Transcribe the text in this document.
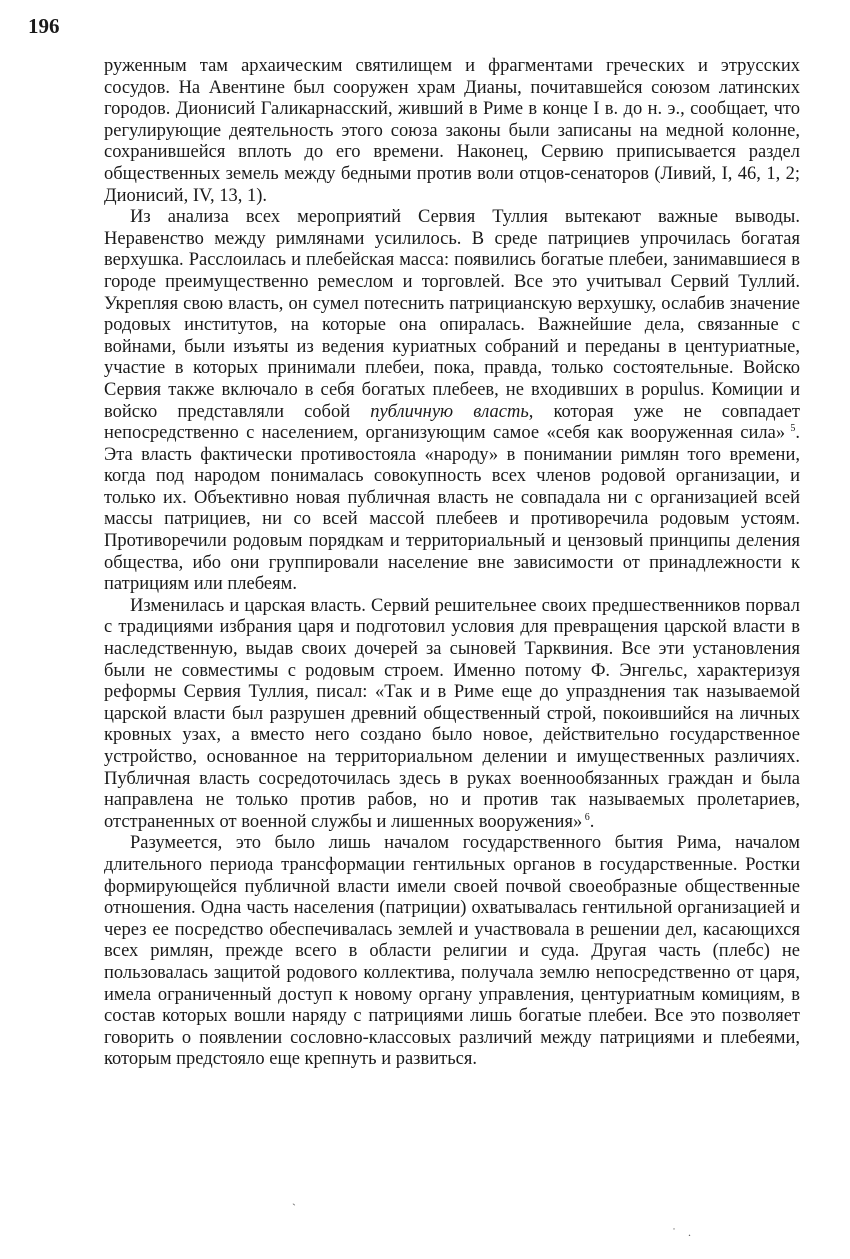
196

руженным там архаическим святилищем и фрагментами греческих и этрусских сосудов. На Авентине был сооружен храм Дианы, почитавшейся союзом латинских городов. Дионисий Галикарнасский, живший в Риме в конце I в. до н. э., сообщает, что регулирующие деятельность этого союза законы были записаны на медной колонне, сохранившейся вплоть до его времени. Наконец, Сервию приписывается раздел общественных земель между бедными против воли отцов-сенаторов (Ливий, I, 46, 1, 2; Дионисий, IV, 13, 1).

Из анализа всех мероприятий Сервия Туллия вытекают важные выводы. Неравенство между римлянами усилилось. В среде патрициев упрочилась богатая верхушка. Расслоилась и плебейская масса: появились богатые плебеи, занимавшиеся в городе преимущественно ремеслом и торговлей. Все это учитывал Сервий Туллий. Укрепляя свою власть, он сумел потеснить патрицианскую верхушку, ослабив значение родовых институтов, на которые она опиралась. Важнейшие дела, связанные с войнами, были изъяты из ведения куриатных собраний и переданы в центуриатные, участие в которых принимали плебеи, пока, правда, только состоятельные. Войско Сервия также включало в себя богатых плебеев, не входивших в populus. Комиции и войско представляли собой публичную власть, которая уже не совпадает непосредственно с населением, организующим самое «себя как вооруженная сила» $^5$. Эта власть фактически противостояла «народу» в понимании римлян того времени, когда под народом понималась совокупность всех членов родовой организации, и только их. Объективно новая публичная власть не совпадала ни с организацией всей массы патрициев, ни со всей массой плебеев и противоречила родовым устоям. Противоречили родовым порядкам и территориальный и цензовый принципы деления общества, ибо они группировали население вне зависимости от принадлежности к патрициям или плебеям.

Изменилась и царская власть. Сервий решительнее своих предшественников порвал с традициями избрания царя и подготовил условия для превращения царской власти в наследственную, выдав своих дочерей за сыновей Тарквиния. Все эти установления были не совместимы с родовым строем. Именно потому Ф. Энгельс, характеризуя реформы Сервия Туллия, писал: «Так и в Риме еще до упразднения так называемой царской власти был разрушен древний общественный строй, покоившийся на личных кровных узах, а вместо него создано было новое, действительно государственное устройство, основанное на территориальном делении и имущественных различиях. Публичная власть сосредоточилась здесь в руках военнообязанных граждан и была направлена не только против рабов, но и против так называемых пролетариев, отстраненных от военной службы и лишенных вооружения» $^6$.

Разумеется, это было лишь началом государственного бытия Рима, началом длительного периода трансформации гентильных органов в государственные. Ростки формирующейся публичной власти имели своей почвой своеобразные общественные отношения. Одна часть населения (патриции) охватывалась гентильной организацией и через ее посредство обеспечивалась землей и участвовала в решении дел, касающихся всех римлян, прежде всего в области религии и суда. Другая часть (плебс) не пользовалась защитой родового коллектива, получала землю непосредственно от царя, имела ограниченный доступ к новому органу управления, центуриатным комициям, в состав которых вошли наряду с патрициями лишь богатые плебеи. Все это позволяет говорить о появлении сословно-классовых различий между патрициями и плебеями, которым предстояло еще крепнуть и развиться.

ˏ
˙ .
